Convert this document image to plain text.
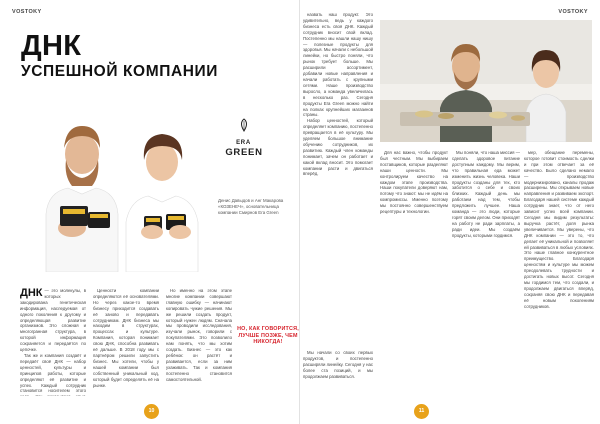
VOSTOKY
ДНК
УСПЕШНОЙ КОМПАНИИ
ERA GREEN
Денис Давыдов и Анг Макарова «КОЗЕНЕЧ», основательница компании Смирнов Era Green
ДНК — это молекулы, в которых закодирована генетическая информация, наследуемая от одного поколения к другому и определяющая развитие организмов. Это сложная и многогранная структура, в которой информация сохраняется и передаётся по цепочке.

Так же и компания создаёт и передаёт своё ДНК — набор ценностей, культуры и принципов работы, которые определяют её развитие и успех. Каждый сотрудник становится носителем этого

Ценности компании определяются её основателями. Но через какое-то время бизнесу приходится создавать её заново и передавать сотрудникам. ДНК бизнеса мы находим в структурах, процессах и культуре. Компания, которая понимает свою ДНК, способна развивать её дальше. В 2018 году мы с партнёром решили запустить бизнес. Мы хотели, чтобы у нашей компании был собственный уникальный код, который будет определять её на рынке.

Но именно на этом этапе многие компании совершают главную ошибку — начинают копировать чужие решения. Мы же решили создать продукт, который нужен людям. Сначала мы проводили исследования, изучали рынок, говорили с покупателями. Это позволило нам понять, что мы хотим создать. Бизнес — это как ребёнок: он растёт и развивается, если за ним ухаживать. Так и компания постепенно становится самостоятельной.

10
VOSTOKY

назвать наш продукт. Это удивительно, ведь у каждого бизнеса есть своя ДНК. Каждый сотрудник вносит свой вклад. Постепенно мы нашли нашу нишу — полезные продукты для здоровья. Мы начали с небольшой линейки, но быстро поняли, что рынок требует больше. Мы расширили ассортимент, добавили новые направления и начали работать с крупными сетями. Наше производство выросло, а команда увеличилась в несколько раз. Сегодня продукты Era Green можно найти на полках крупнейших магазинов страны.

Набор ценностей, который определяет компанию, постепенно превращается в её культуру. Мы уделяем большое внимание обучению сотрудников, их развитию. Каждый член команды понимает, зачем он работает и какой вклад вносит. Это помогает компании расти и двигаться вперёд.

Для нас важно, чтобы продукт был честным. Мы выбираем поставщиков, которые разделяют наши ценности. Мы контролируем качество на каждом этапе производства. Наши покупатели доверяют нам, потому что знают: мы не идём на компромиссы. Именно поэтому мы постоянно совершенствуем рецептуры и технологии.

Мы поняли, что наша миссия — сделать здоровое питание доступным каждому. Мы верим, что правильная еда может изменить жизнь человека. Наши продукты созданы для тех, кто заботится о себе и своих близких. Каждый день мы работаем над тем, чтобы предложить лучшее. Наша команда — это люди, которые горят своим делом. Они приходят на работу не ради зарплаты, а ради идеи. Мы создаём продукты, которыми гордимся.

мер, обещание перемены, которое готовит стоимость сделки и при этом отвечает за её качество. Было сделано немало — производство модернизировано, каналы продаж расширены. Мы открываем новые направления и развиваем экспорт. Благодаря нашей системе каждый сотрудник знает, что от него зависит успех всей компании. Сегодня мы видим результаты: выручка растёт, доля рынка увеличивается. Мы уверены, что ДНК компании — это то, что делает её уникальной и позволяет ей развиваться в любых условиях. Это наше главное конкурентное преимущество. Благодаря ценностям и культуре мы можем преодолевать трудности и достигать новых высот. Сегодня мы гордимся тем, что создали, и продолжаем двигаться вперёд, сохраняя свою ДНК и передавая её новым поколениям сотрудников.

Мы начали со своих первых продуктов, и постепенно расширяли линейку. Сегодня у нас более ста позиций, и мы продолжаем развиваться.

11
НО, КАК ГОВОРИТСЯ, ЛУЧШЕ ПОЗЖЕ, ЧЕМ НИКОГДА!
